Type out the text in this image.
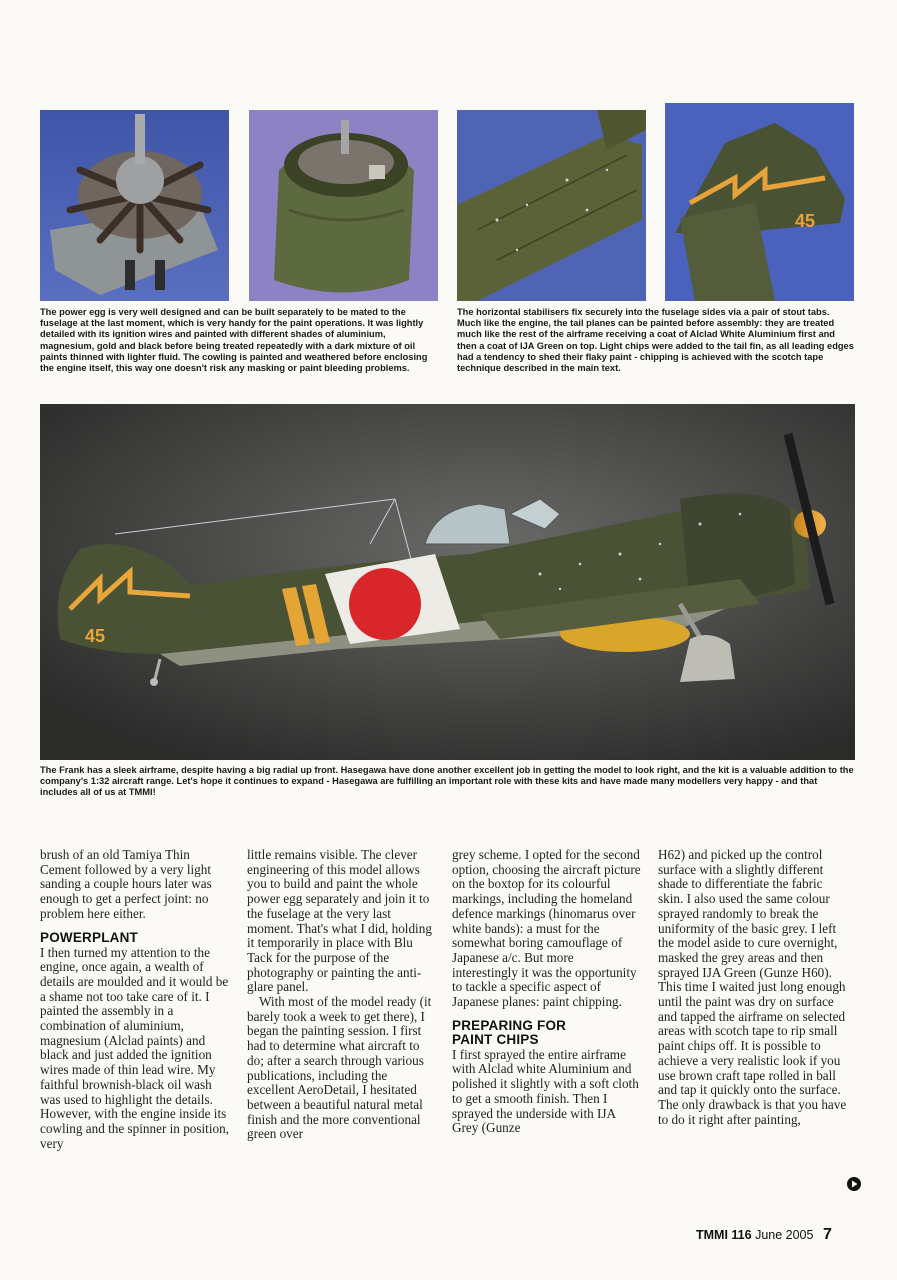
45

The power egg is very well designed and can be built separately to be mated to the fuselage at the last moment, which is very handy for the paint operations. It was lightly detailed with its ignition wires and painted with different shades of aluminium, magnesium, gold and black before being treated repeatedly with a dark mixture of oil paints thinned with lighter fluid. The cowling is painted and weathered before enclosing the engine itself, this way one doesn't risk any masking or paint bleeding problems.

The horizontal stabilisers fix securely into the fuselage sides via a pair of stout tabs. Much like the engine, the tail planes can be painted before assembly: they are treated much like the rest of the airframe receiving a coat of Alclad White Aluminium first and then a coat of IJA Green on top. Light chips were added to the tail fin, as all leading edges had a tendency to shed their flaky paint - chipping is achieved with the scotch tape technique described in the main text.

45

The Frank has a sleek airframe, despite having a big radial up front. Hasegawa have done another excellent job in getting the model to look right, and the kit is a valuable addition to the company's 1:32 aircraft range. Let's hope it continues to expand - Hasegawa are fulfilling an important role with these kits and have made many modellers very happy - and that includes all of us at TMMI!

brush of an old Tamiya Thin Cement followed by a very light sanding a couple hours later was enough to get a perfect joint: no problem here either.

POWERPLANT

I then turned my attention to the engine, once again, a wealth of details are moulded and it would be a shame not too take care of it. I painted the assembly in a combination of aluminium, magnesium (Alclad paints) and black and just added the ignition wires made of thin lead wire. My faithful brownish-black oil wash was used to highlight the details. However, with the engine inside its cowling and the spinner in position, very

little remains visible. The clever engineering of this model allows you to build and paint the whole power egg separately and join it to the fuselage at the very last moment. That's what I did, holding it temporarily in place with Blu Tack for the purpose of the photography or painting the anti-glare panel.

With most of the model ready (it barely took a week to get there), I began the painting session. I first had to determine what aircraft to do; after a search through various publications, including the excellent AeroDetail, I hesitated between a beautiful natural metal finish and the more conventional green over

grey scheme. I opted for the second option, choosing the aircraft picture on the boxtop for its colourful markings, including the homeland defence markings (hinomarus over white bands): a must for the somewhat boring camouflage of Japanese a/c. But more interestingly it was the opportunity to tackle a specific aspect of Japanese planes: paint chipping.

PREPARING FOR
PAINT CHIPS

I first sprayed the entire airframe with Alclad white Aluminium and polished it slightly with a soft cloth to get a smooth finish. Then I sprayed the underside with IJA Grey (Gunze

H62) and picked up the control surface with a slightly different shade to differentiate the fabric skin. I also used the same colour sprayed randomly to break the uniformity of the basic grey. I left the model aside to cure overnight, masked the grey areas and then sprayed IJA Green (Gunze H60). This time I waited just long enough until the paint was dry on surface and tapped the airframe on selected areas with scotch tape to rip small paint chips off. It is possible to achieve a very realistic look if you use brown craft tape rolled in ball and tap it quickly onto the surface. The only drawback is that you have to do it right after painting,

TMMI 116 June 2005 7
